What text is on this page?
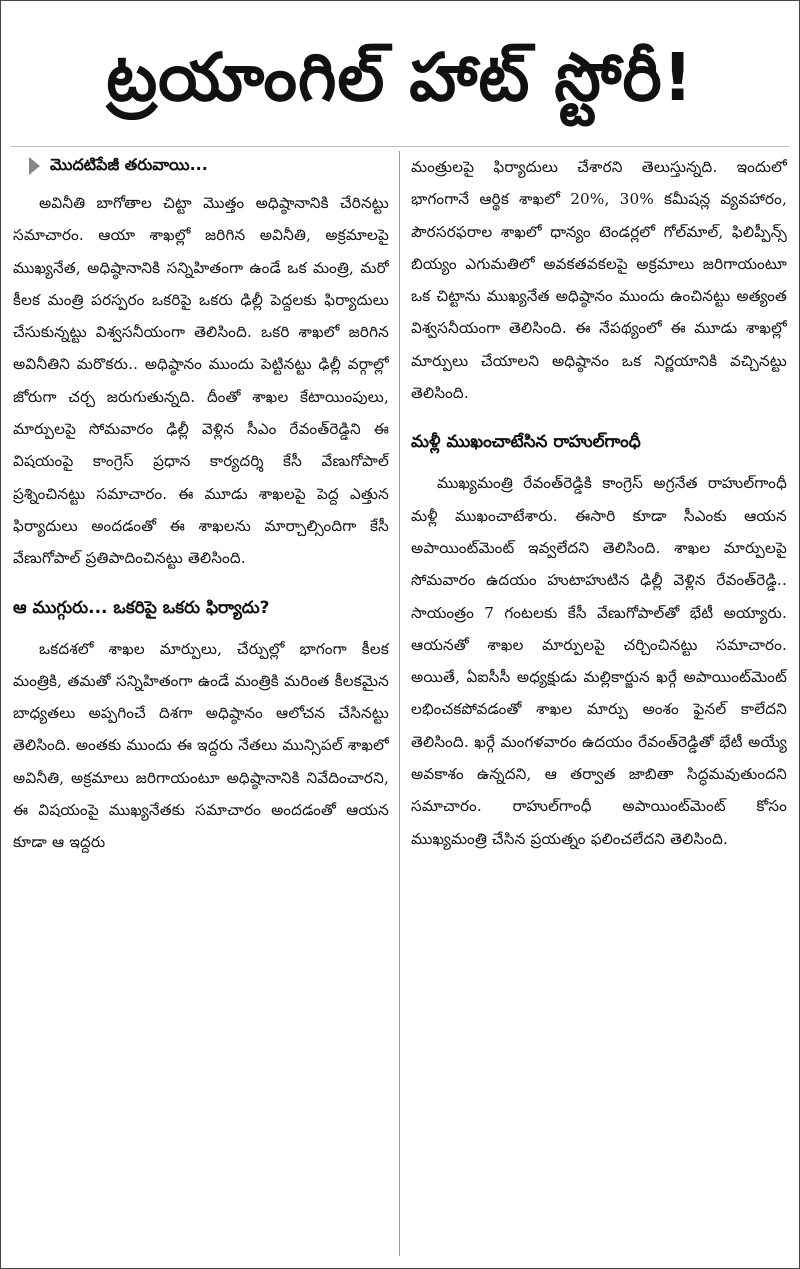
ట్రయాంగిల్ హాట్ స్టోరీ!
మొదటిపేజీ తరువాయి...

అవినీతి బాగోతాల చిట్టా మొత్తం అధిష్ఠానానికి చేరినట్టు సమాచారం. ఆయా శాఖల్లో జరిగిన అవినీతి, అక్రమాలపై ముఖ్యనేత, అధిష్ఠానానికి సన్నిహితంగా ఉండే ఒక మంత్రి, మరో కీలక మంత్రి పరస్పరం ఒకరిపై ఒకరు ఢిల్లీ పెద్దలకు ఫిర్యాదులు చేసుకున్నట్టు విశ్వసనీయంగా తెలిసింది. ఒకరి శాఖలో జరిగిన అవినీతిని మరొకరు.. అధిష్ఠానం ముందు పెట్టినట్టు ఢిల్లీ వర్గాల్లో జోరుగా చర్చ జరుగుతున్నది. దీంతో శాఖల కేటాయింపులు, మార్పులపై సోమవారం ఢిల్లీ వెళ్లిన సీఎం రేవంత్‌రెడ్డిని ఈ విషయంపై కాంగ్రెస్ ప్రధాన కార్యదర్శి కేసీ వేణుగోపాల్ ప్రశ్నించినట్టు సమాచారం. ఈ మూడు శాఖలపై పెద్ద ఎత్తున ఫిర్యాదులు అందడంతో ఈ శాఖలను మార్చాల్సిందిగా కేసీ వేణుగోపాల్ ప్రతిపాదించినట్టు తెలిసింది.

ఆ ముగ్గురు... ఒకరిపై ఒకరు ఫిర్యాదు?

ఒకదశలో శాఖల మార్పులు, చేర్పుల్లో భాగంగా కీలక మంత్రికి, తమతో సన్నిహితంగా ఉండే మంత్రికి మరింత కీలకమైన బాధ్యతలు అప్పగించే దిశగా అధిష్ఠానం ఆలోచన చేసినట్టు తెలిసింది. అంతకు ముందు ఈ ఇద్దరు నేతలు మున్సిపల్ శాఖలో అవినీతి, అక్రమాలు జరిగాయంటూ అధిష్ఠానానికి నివేదించారని, ఈ విషయంపై ముఖ్యనేతకు సమాచారం అందడంతో ఆయన కూడా ఆ ఇద్దరు

మంత్రులపై ఫిర్యాదులు చేశారని తెలుస్తున్నది. ఇందులో భాగంగానే ఆర్థిక శాఖలో 20%, 30% కమీషన్ల వ్యవహారం, పౌరసరఫరాల శాఖలో ధాన్యం టెండర్లలో గోల్‌మాల్, ఫిలిప్పీన్స్ బియ్యం ఎగుమతిలో అవకతవకలపై అక్రమాలు జరిగాయంటూ ఒక చిట్టాను ముఖ్యనేత అధిష్ఠానం ముందు ఉంచినట్టు అత్యంత విశ్వసనీయంగా తెలిసింది. ఈ నేపథ్యంలో ఈ మూడు శాఖల్లో మార్పులు చేయాలని అధిష్ఠానం ఒక నిర్ణయానికి వచ్చినట్టు తెలిసింది.

మళ్లీ ముఖంచాటేసిన రాహుల్‌గాంధీ

ముఖ్యమంత్రి రేవంత్‌రెడ్డికి కాంగ్రెస్ అగ్రనేత రాహుల్‌గాంధీ మళ్లీ ముఖంచాటేశారు. ఈసారి కూడా సీఎంకు ఆయన అపాయింట్‌మెంట్ ఇవ్వలేదని తెలిసింది. శాఖల మార్పులపై సోమవారం ఉదయం హుటాహుటిన ఢిల్లీ వెళ్లిన రేవంత్‌రెడ్డి.. సాయంత్రం 7 గంటలకు కేసీ వేణుగోపాల్‌తో భేటీ అయ్యారు. ఆయనతో శాఖల మార్పులపై చర్చించినట్టు సమాచారం. అయితే, ఏఐసీసీ అధ్యక్షుడు మల్లికార్జున ఖర్గే అపాయింట్‌మెంట్ లభించకపోవడంతో శాఖల మార్పు అంశం ఫైనల్ కాలేదని తెలిసింది. ఖర్గే మంగళవారం ఉదయం రేవంత్‌రెడ్డితో భేటీ అయ్యే అవకాశం ఉన్నదని, ఆ తర్వాత జాబితా సిద్ధమవుతుందని సమాచారం. రాహుల్‌గాంధీ అపాయింట్‌మెంట్ కోసం ముఖ్యమంత్రి చేసిన ప్రయత్నం ఫలించలేదని తెలిసింది.
